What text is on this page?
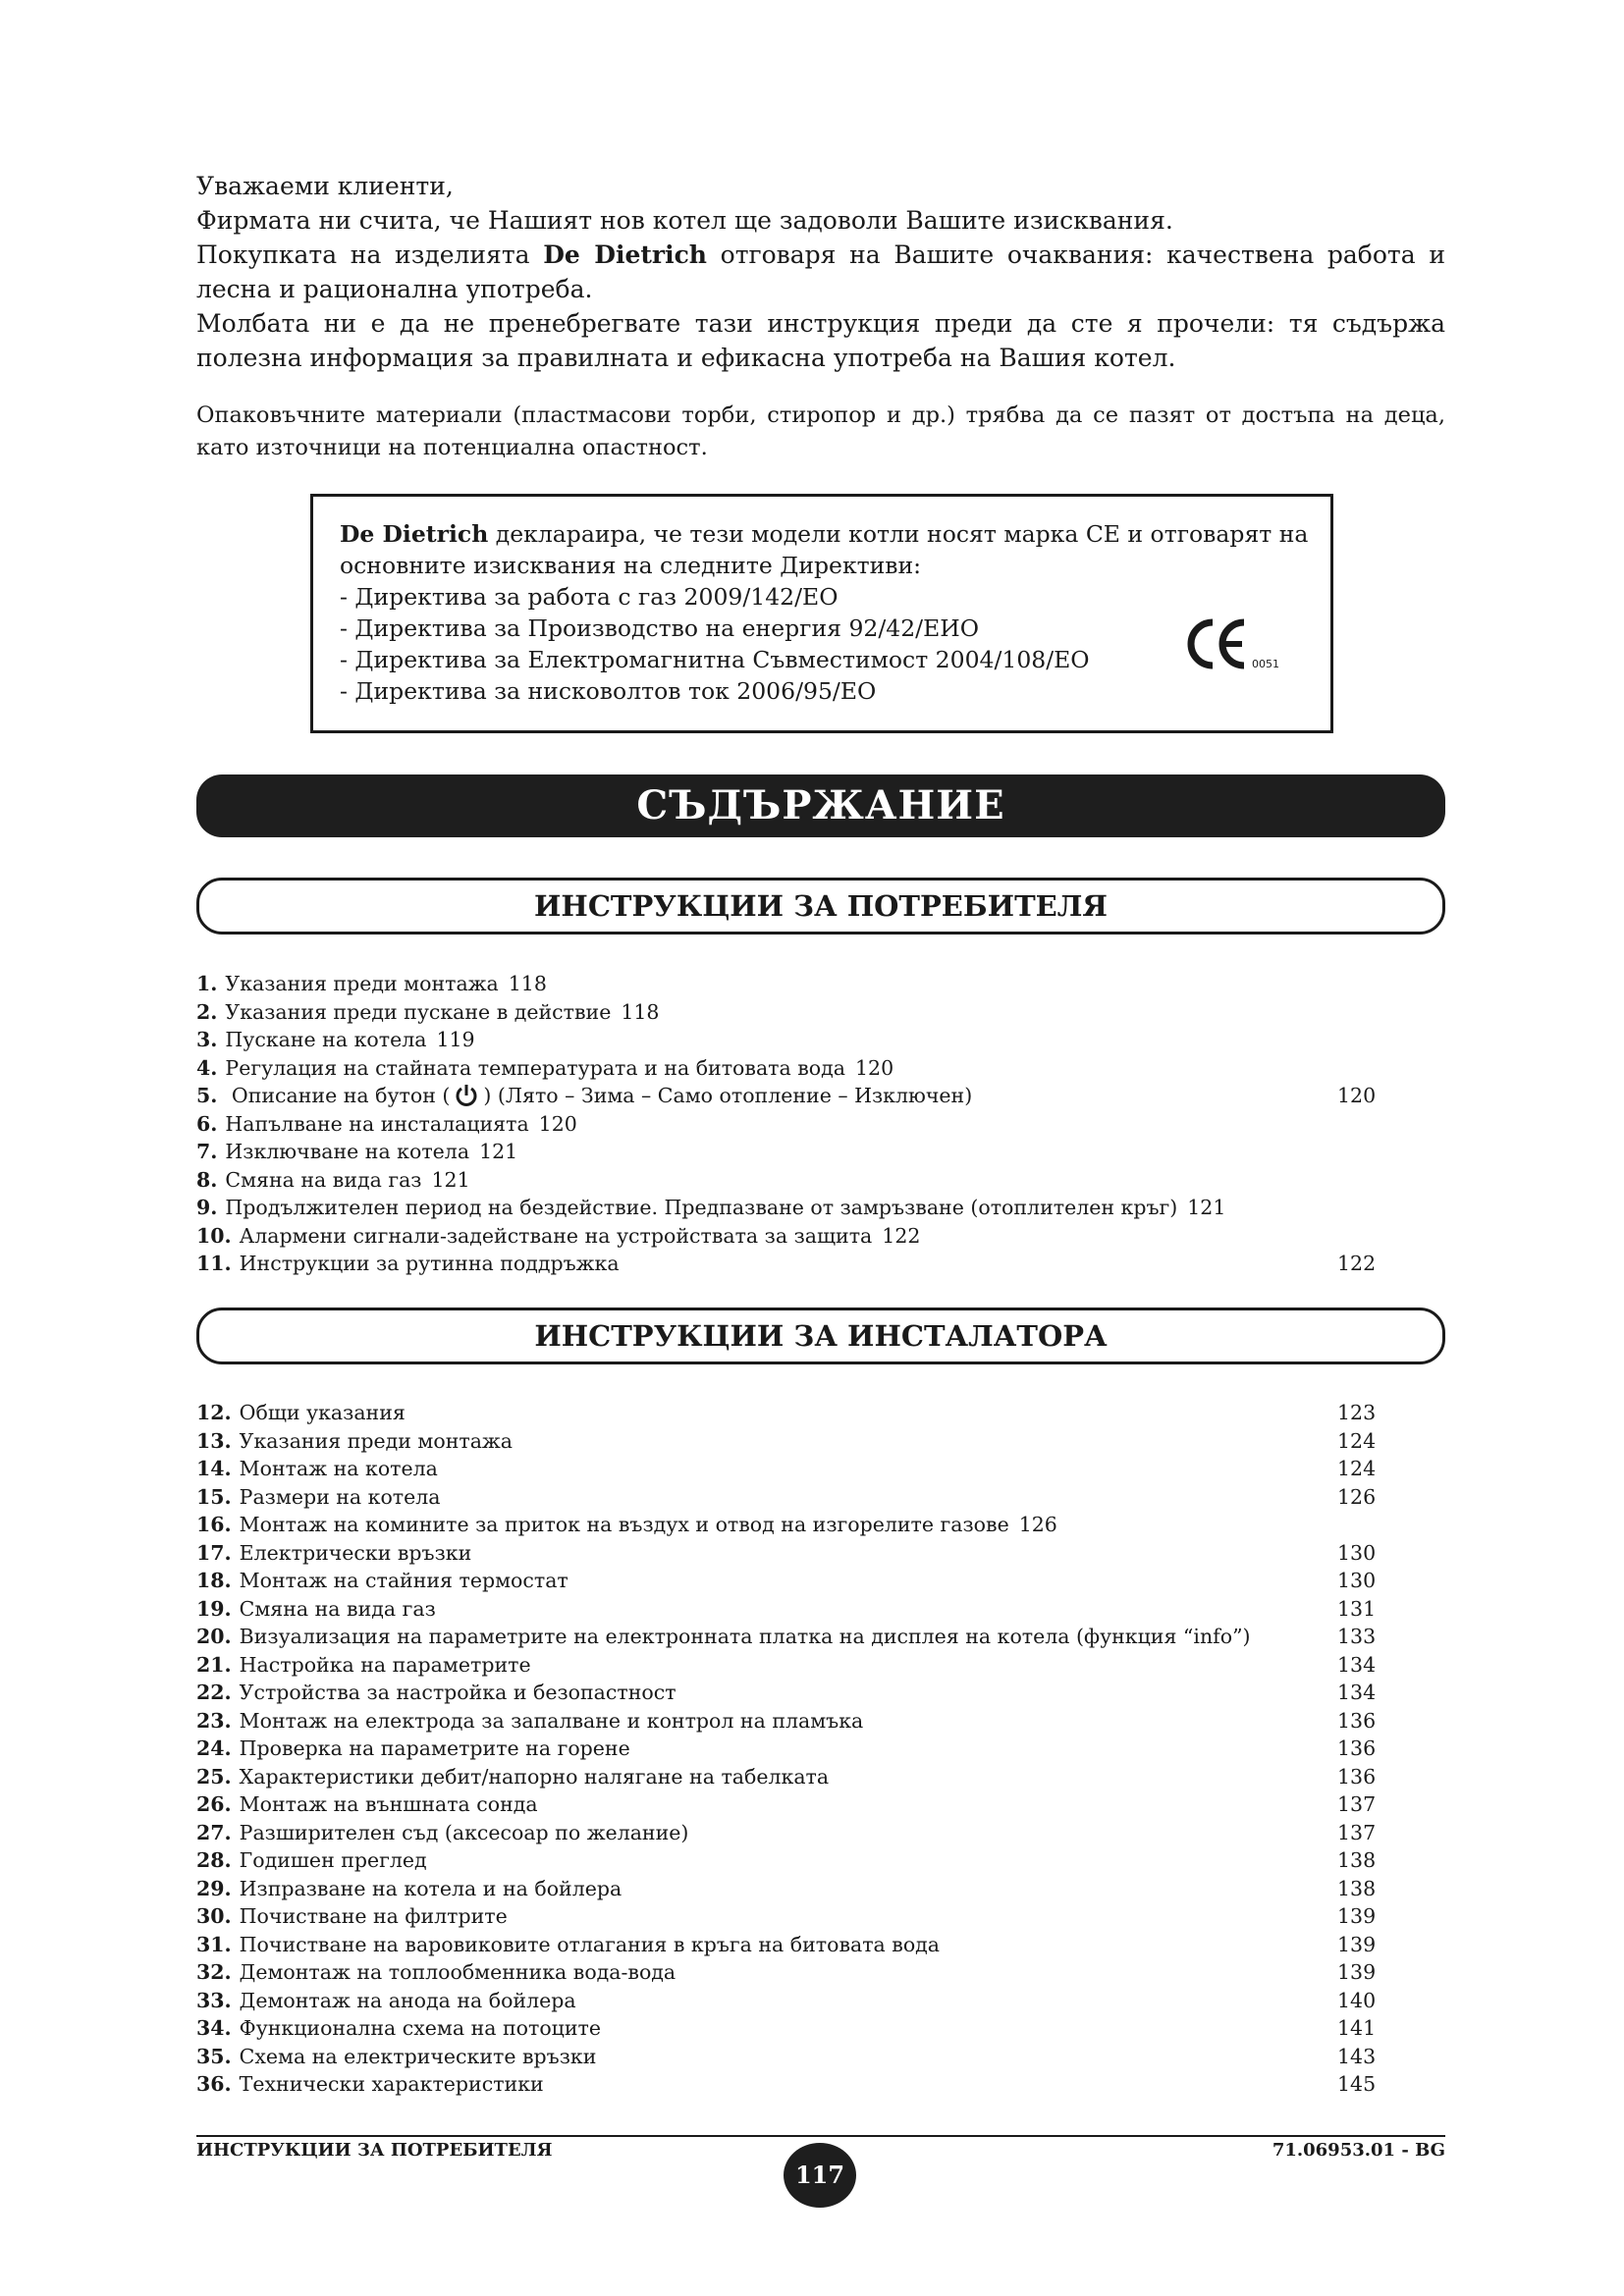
Уважаеми клиенти,

Фирмата ни счита, че Нашият нов котел ще задоволи Вашите изисквания.

Покупката на изделията De Dietrich отговаря на Вашите очаквания: качествена работа и лесна и рационална употреба.

Молбата ни е да не пренебрегвате тази инструкция преди да сте я прочели: тя съдържа полезна информация за правилната и ефикасна употреба на Вашия котел.

Опаковъчните материали (пластмасови торби, стиропор и др.) трябва да се пазят от достъпа на деца, като източници на потенциална опастност.
De Dietrich деклараира, че тези модели котли носят марка CE и отговарят на основните изисквания на следните Директиви:
- Директива за работа с газ 2009/142/ЕО
- Директива за Производство на енергия 92/42/ЕИО
- Директива за Електромагнитна Съвместимост 2004/108/ЕО
- Директива за нисковолтов ток 2006/95/ЕО
0051
СЪДЪРЖАНИЕ
ИНСТРУКЦИИ ЗА ПОТРЕБИТЕЛЯ
1. Указания преди монтажа 118
2. Указания преди пускане в действие 118
3. Пускане на котела 119
4. Регулация на стайната температурата и на битовата вода 120
5. Описание на бутон ( ) (Лято – Зима – Само отопление – Изключен)	120
6. Напълване на инсталацията 120
7. Изключване на котела 121
8. Смяна на вида газ 121
9. Продължителен период на бездействие. Предпазване от замръзване (отоплителен кръг) 121
10. Алармени сигнали-задействане на устройствата за защита 122
11. Инструкции за рутинна поддръжка	122
ИНСТРУКЦИИ ЗА ИНСТАЛАТОРА
12. Общи указания	123
13. Указания преди монтажа	124
14. Монтаж на котела	124
15. Размери на котела	126
16. Монтаж на комините за приток на въздух и отвод на изгорелите газове 126
17. Електрически връзки	130
18. Монтаж на стайния термостат	130
19. Смяна на вида газ	131
20. Визуализация на параметрите на електронната платка на дисплея на котела (функция “info”)	133
21. Настройка на параметрите	134
22. Устройства за настройка и безопастност	134
23. Монтаж на електрода за запалване и контрол на пламъка	136
24. Проверка на параметрите на горене	136
25. Характеристики дебит/напорно налягане на табелката	136
26. Монтаж на външната сонда	137
27. Разширителен съд (аксесоар по желание)	137
28. Годишен преглед	138
29. Изпразване на котела и на бойлера	138
30. Почистване на филтрите	139
31. Почистване на варовиковите отлагания в кръга на битовата вода	139
32. Демонтаж на топлообменника вода-вода	139
33. Демонтаж на анода на бойлера	140
34. Функционална схема на потоците	141
35. Схема на електрическите връзки	143
36. Технически характеристики	145
ИНСТРУКЦИИ ЗА ПОТРЕБИТЕЛЯ
117
71.06953.01 - BG
